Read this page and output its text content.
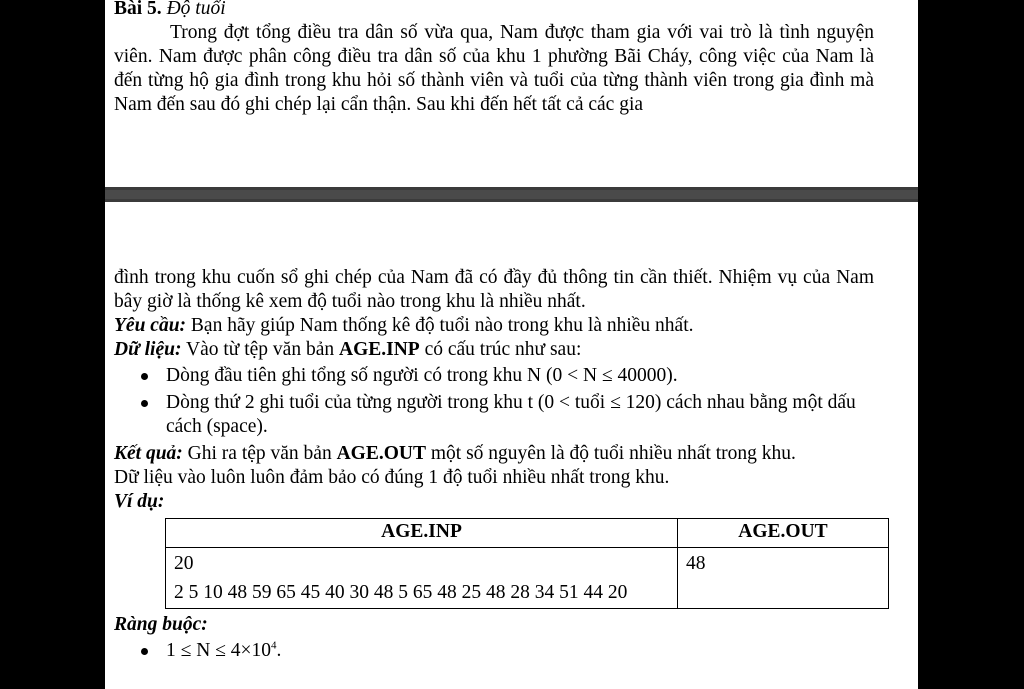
Bài 5. Độ tuổi

Trong đợt tổng điều tra dân số vừa qua, Nam được tham gia với vai trò là tình nguyện viên. Nam được phân công điều tra dân số của khu 1 phường Bãi Cháy, công việc của Nam là đến từng hộ gia đình trong khu hỏi số thành viên và tuổi của từng thành viên trong gia đình mà Nam đến sau đó ghi chép lại cẩn thận. Sau khi đến hết tất cả các gia

đình trong khu cuốn sổ ghi chép của Nam đã có đầy đủ thông tin cần thiết. Nhiệm vụ của Nam bây giờ là thống kê xem độ tuổi nào trong khu là nhiều nhất.

Yêu cầu: Bạn hãy giúp Nam thống kê độ tuổi nào trong khu là nhiều nhất.

Dữ liệu: Vào từ tệp văn bản AGE.INP có cấu trúc như sau:

Dòng đầu tiên ghi tổng số người có trong khu N (0 < N ≤ 40000).
Dòng thứ 2 ghi tuổi của từng người trong khu t (0 < tuổi ≤ 120) cách nhau bằng một dấu cách (space).

Kết quả: Ghi ra tệp văn bản AGE.OUT một số nguyên là độ tuổi nhiều nhất trong khu.

Dữ liệu vào luôn luôn đảm bảo có đúng 1 độ tuổi nhiều nhất trong khu.

Ví dụ:

AGE.INP	AGE.OUT

20
2 5 10 48 59 65 45 40 30 48 5 65 48 25 48 28 34 51 44 20	48

Ràng buộc:

$1 \le N \le 4\times 10^4$.
